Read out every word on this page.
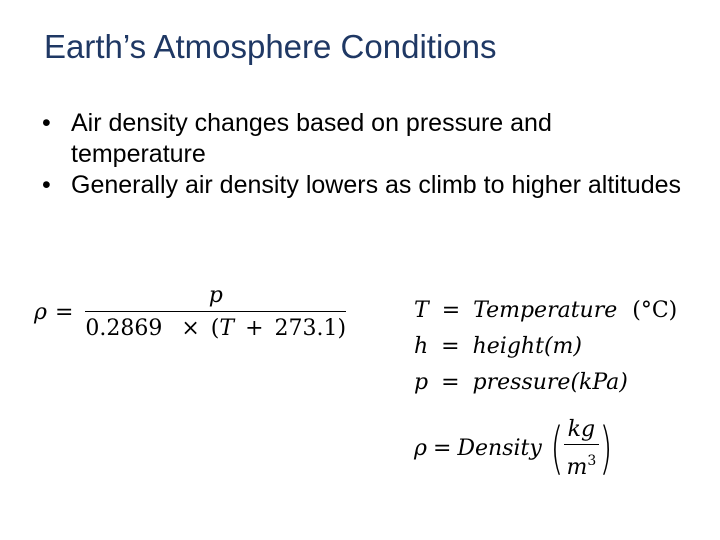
Earth’s Atmosphere Conditions
• Air density changes based on pressure and temperature
• Generally air density lowers as climb to higher altitudes
$\rho = \frac{p}{0.2869 \times (T + 273.1)}$	T = Temperature (°C)
h = height(m)
p = pressure(kPa)
ρ = Density ( $\frac{kg}{m^3}$ )
